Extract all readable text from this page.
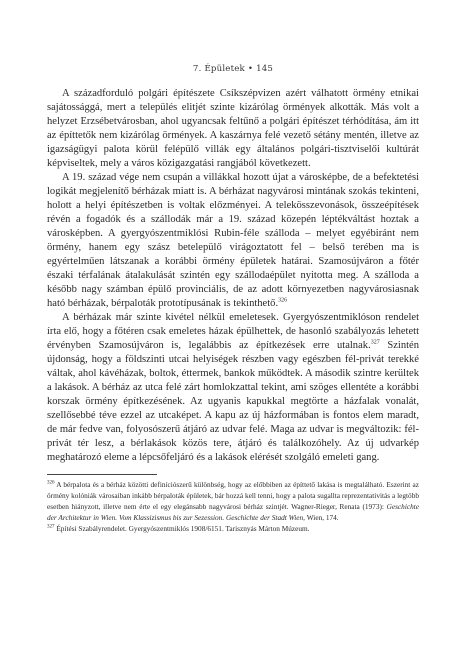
7. Épületek • 145

A századforduló polgári építészete Csíkszépvizen azért válhatott örmény etnikai sajátossággá, mert a település elitjét szinte kizárólag örmények alkották. Más volt a helyzet Erzsébetvárosban, ahol ugyancsak feltűnő a polgári építészet térhódítása, ám itt az építtetők nem kizárólag örmények. A kaszárnya felé vezető sétány mentén, illetve az igazságügyi palota körül felépülő villák egy általános polgári-tisztviselői kultúrát képviseltek, mely a város közigazgatási rangjából következett.

A 19. század vége nem csupán a villákkal hozott újat a városképbe, de a befektetési logikát megjelenítő bérházak miatt is. A bérházat nagyvárosi mintának szokás tekinteni, holott a helyi építészetben is voltak előzményei. A telekösszevonások, összeépítések révén a fogadók és a szállodák már a 19. század közepén léptékváltást hoztak a városképben. A gyergyószentmiklósi Rubin-féle szálloda – melyet egyébiránt nem örmény, hanem egy szász betelepülő virágoztatott fel – belső terében ma is egyértelműen látszanak a korábbi örmény épületek határai. Szamosújváron a főtér északi térfalának átalakulását szintén egy szállodaépület nyitotta meg. A szálloda a később nagy számban épülő provinciális, de az adott környezetben nagyvárosiasnak ható bérházak, bérpaloták prototípusának is tekinthető.$^{326}$

A bérházak már szinte kivétel nélkül emeletesek. Gyergyószentmiklóson rendelet írta elő, hogy a főtéren csak emeletes házak épülhettek, de hasonló szabályozás lehetett érvényben Szamosújváron is, legalábbis az építkezések erre utalnak.$^{327}$ Szintén újdonság, hogy a földszinti utcai helyiségek részben vagy egészben fél-privát terekké váltak, ahol kávéházak, boltok, éttermek, bankok működtek. A második szintre kerültek a lakások. A bérház az utca felé zárt homlokzattal tekint, ami szöges ellentéte a korábbi korszak örmény építkezésének. Az ugyanis kapukkal megtörte a házfalak vonalát, szellősebbé téve ezzel az utcaképet. A kapu az új házformában is fontos elem maradt, de már fedve van, folyosószerű átjáró az udvar felé. Maga az udvar is megváltozik: fél-privát tér lesz, a bérlakások közös tere, átjáró és találkozóhely. Az új udvarkép meghatározó eleme a lépcsőfeljáró és a lakások elérését szolgáló emeleti gang.

$^{326}$ A bérpalota és a bérház közötti definíciószerű különbség, hogy az előbbiben az építtető lakása is megtalálható. Eszerint az örmény kolóniák városaiban inkább bérpaloták épületek, bár hozzá kell tenni, hogy a palota sugallta reprezentativitás a legtöbb esetben hiányzott, illetve nem érte el egy elegánsabb nagyvárosi bérház szintjét. Wagner-Rieger, Renata (1973): Geschichte der Architektur in Wien. Vom Klassizismus bis zur Sezession. Geschichte der Stadt Wien, Wien, 174.

$^{327}$ Építési Szabályrendelet. Gyergyószentmiklós 1908/6151. Tarisznyás Márton Múzeum.
